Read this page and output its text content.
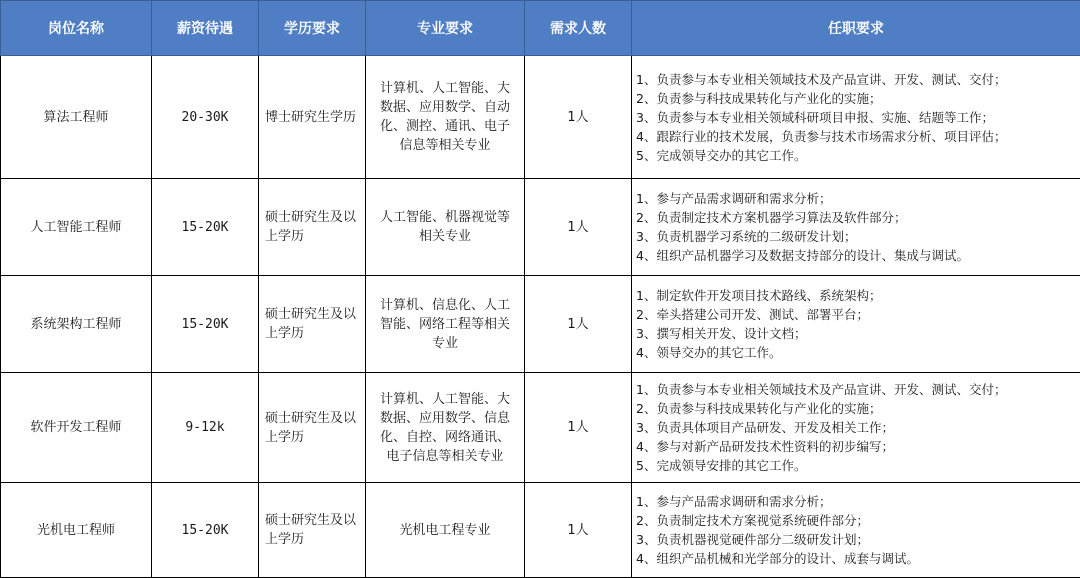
岗位名称	薪资待遇	学历要求	专业要求	需求人数	任职要求
算法工程师	20-30K	博士研究生学历	计算机、人工智能、大数据、应用数学、自动化、测控、通讯、电子信息等相关专业	1人	1、负责参与本专业相关领域技术及产品宣讲、开发、测试、交付；
2、负责参与科技成果转化与产业化的实施；
3、负责参与本专业相关领域科研项目申报、实施、结题等工作；
4、跟踪行业的技术发展，负责参与技术市场需求分析、项目评估；
5、完成领导交办的其它工作。

人工智能工程师	15-20K	硕士研究生及以上学历	人工智能、机器视觉等相关专业	1人	1、参与产品需求调研和需求分析；
2、负责制定技术方案机器学习算法及软件部分；
3、负责机器学习系统的二级研发计划；
4、组织产品机器学习及数据支持部分的设计、集成与调试。

系统架构工程师	15-20K	硕士研究生及以上学历	计算机、信息化、人工智能、网络工程等相关专业	1人	1、制定软件开发项目技术路线、系统架构；
2、牵头搭建公司开发、测试、部署平台；
3、撰写相关开发、设计文档；
4、领导交办的其它工作。

软件开发工程师	9-12k	硕士研究生及以上学历	计算机、人工智能、大数据、应用数学、信息化、自控、网络通讯、电子信息等相关专业	1人	1、负责参与本专业相关领域技术及产品宣讲、开发、测试、交付；
2、负责参与科技成果转化与产业化的实施；
3、负责具体项目产品研发、开发及相关工作；
4、参与对新产品研发技术性资料的初步编写；
5、完成领导安排的其它工作。

光机电工程师	15-20K	硕士研究生及以上学历	光机电工程专业	1人	1、参与产品需求调研和需求分析；
2、负责制定技术方案视觉系统硬件部分；
3、负责机器视觉硬件部分二级研发计划；
4、组织产品机械和光学部分的设计、成套与调试。
